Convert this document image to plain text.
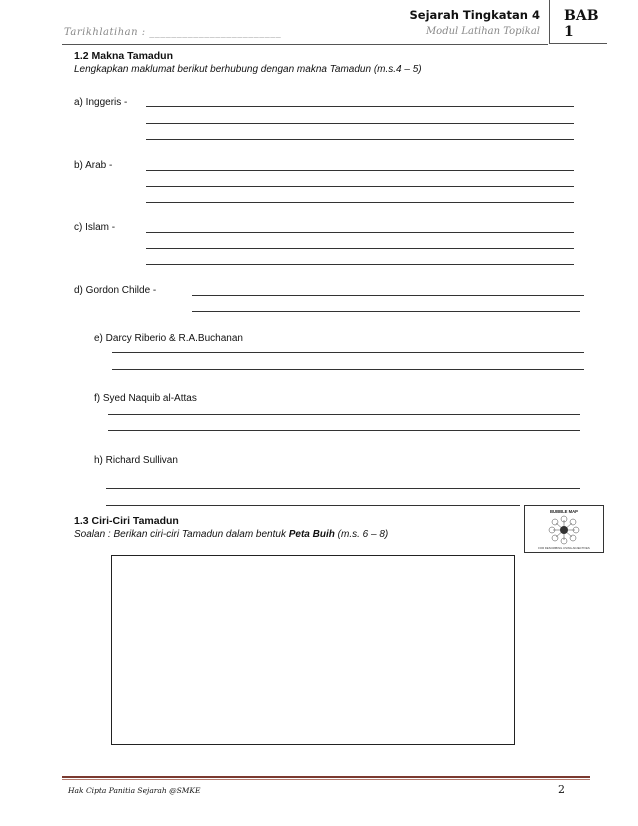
Tarikhlatihan : ________________________
Sejarah Tingkatan 4
Modul Latihan Topikal
BAB 1
1.2 Makna Tamadun
Lengkapkan maklumat berikut berhubung dengan makna Tamadun (m.s.4 – 5)
a) Inggeris -
b) Arab -
c) Islam -
d) Gordon Childe -
e) Darcy Riberio & R.A.Buchanan
f) Syed Naquib al-Attas
h) Richard Sullivan
1.3 Ciri-Ciri Tamadun
Soalan : Berikan ciri-ciri Tamadun dalam bentuk Peta Buih (m.s. 6 – 8)
BUBBLE MAP
FOR DESCRIBING USING ADJECTIVES
Hak Cipta Panitia Sejarah @SMKE	2
